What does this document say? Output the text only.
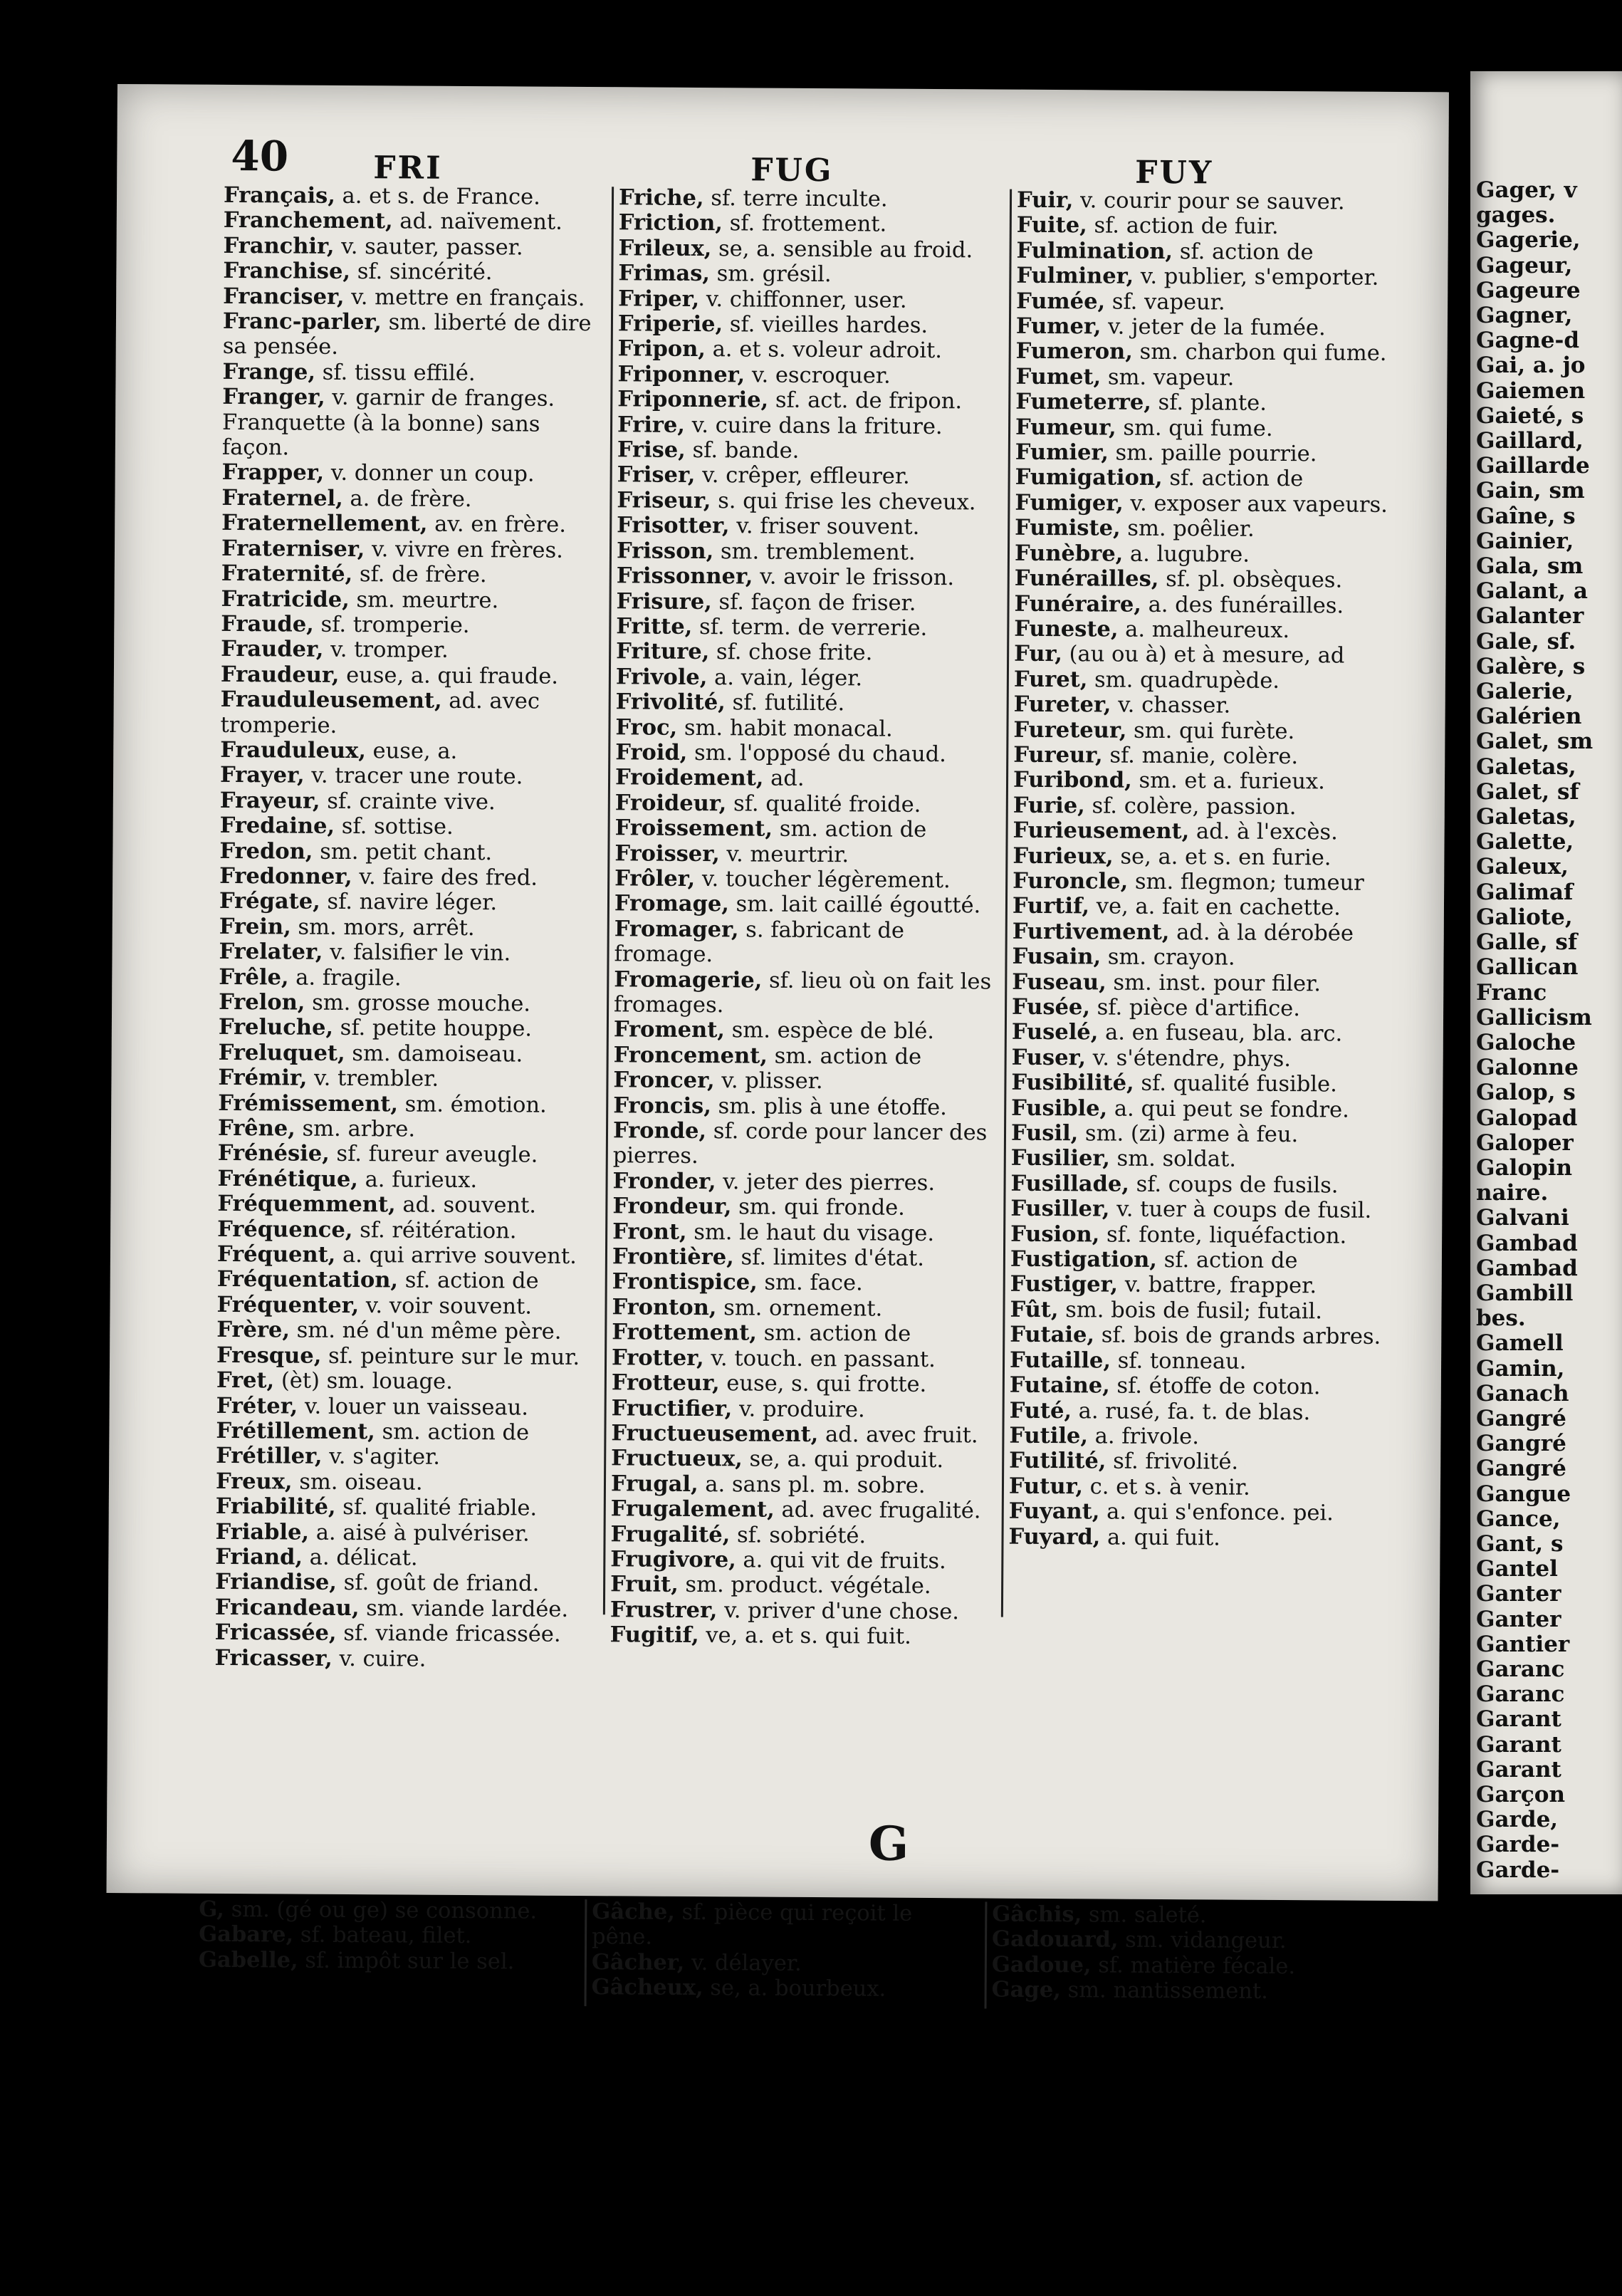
40	FRI	FUG	FUY
Français, a. et s. de France.
Franchement, ad. naïvement.
Franchir, v. sauter, passer.
Franchise, sf. sincérité.
Franciser, v. mettre en français.
Franc-parler, sm. liberté de dire sa pensée.
Frange, sf. tissu effilé.
Franger, v. garnir de franges.
Franquette (à la bonne) sans façon.
Frapper, v. donner un coup.
Fraternel, a. de frère.
Fraternellement, av. en frère.
Fraterniser, v. vivre en frères.
Fraternité, sf. de frère.
Fratricide, sm. meurtre.
Fraude, sf. tromperie.
Frauder, v. tromper.
Fraudeur, euse, a. qui fraude.
Frauduleusement, ad. avec tromperie.
Frauduleux, euse, a.
Frayer, v. tracer une route.
Frayeur, sf. crainte vive.
Fredaine, sf. sottise.
Fredon, sm. petit chant.
Fredonner, v. faire des fred.
Frégate, sf. navire léger.
Frein, sm. mors, arrêt.
Frelater, v. falsifier le vin.
Frêle, a. fragile.
Frelon, sm. grosse mouche.
Freluche, sf. petite houppe.
Freluquet, sm. damoiseau.
Frémir, v. trembler.
Frémissement, sm. émotion.
Frêne, sm. arbre.
Frénésie, sf. fureur aveugle.
Frénétique, a. furieux.
Fréquemment, ad. souvent.
Fréquence, sf. réitération.
Fréquent, a. qui arrive souvent.
Fréquentation, sf. action de
Fréquenter, v. voir souvent.
Frère, sm. né d'un même père.
Fresque, sf. peinture sur le mur.
Fret, (èt) sm. louage.
Fréter, v. louer un vaisseau.
Frétillement, sm. action de
Frétiller, v. s'agiter.
Freux, sm. oiseau.
Friabilité, sf. qualité friable.
Friable, a. aisé à pulvériser.
Friand, a. délicat.
Friandise, sf. goût de friand.
Fricandeau, sm. viande lardée.
Fricassée, sf. viande fricassée.
Fricasser, v. cuire.
Friche, sf. terre inculte.
Friction, sf. frottement.
Frileux, se, a. sensible au froid.
Frimas, sm. grésil.
Friper, v. chiffonner, user.
Friperie, sf. vieilles hardes.
Fripon, a. et s. voleur adroit.
Friponner, v. escroquer.
Friponnerie, sf. act. de fripon.
Frire, v. cuire dans la friture.
Frise, sf. bande.
Friser, v. crêper, effleurer.
Friseur, s. qui frise les cheveux.
Frisotter, v. friser souvent.
Frisson, sm. tremblement.
Frissonner, v. avoir le frisson.
Frisure, sf. façon de friser.
Fritte, sf. term. de verrerie.
Friture, sf. chose frite.
Frivole, a. vain, léger.
Frivolité, sf. futilité.
Froc, sm. habit monacal.
Froid, sm. l'opposé du chaud.
Froidement, ad.
Froideur, sf. qualité froide.
Froissement, sm. action de
Froisser, v. meurtrir.
Frôler, v. toucher légèrement.
Fromage, sm. lait caillé égoutté.
Fromager, s. fabricant de fromage.
Fromagerie, sf. lieu où on fait les fromages.
Froment, sm. espèce de blé.
Froncement, sm. action de
Froncer, v. plisser.
Froncis, sm. plis à une étoffe.
Fronde, sf. corde pour lancer des pierres.
Fronder, v. jeter des pierres.
Frondeur, sm. qui fronde.
Front, sm. le haut du visage.
Frontière, sf. limites d'état.
Frontispice, sm. face.
Fronton, sm. ornement.
Frottement, sm. action de
Frotter, v. touch. en passant.
Frotteur, euse, s. qui frotte.
Fructifier, v. produire.
Fructueusement, ad. avec fruit.
Fructueux, se, a. qui produit.
Frugal, a. sans pl. m. sobre.
Frugalement, ad. avec frugalité.
Frugalité, sf. sobriété.
Frugivore, a. qui vit de fruits.
Fruit, sm. product. végétale.
Frustrer, v. priver d'une chose.
Fugitif, ve, a. et s. qui fuit.
Fuir, v. courir pour se sauver.
Fuite, sf. action de fuir.
Fulmination, sf. action de
Fulminer, v. publier, s'emporter.
Fumée, sf. vapeur.
Fumer, v. jeter de la fumée.
Fumeron, sm. charbon qui fume.
Fumet, sm. vapeur.
Fumeterre, sf. plante.
Fumeur, sm. qui fume.
Fumier, sm. paille pourrie.
Fumigation, sf. action de
Fumiger, v. exposer aux vapeurs.
Fumiste, sm. poêlier.
Funèbre, a. lugubre.
Funérailles, sf. pl. obsèques.
Funéraire, a. des funérailles.
Funeste, a. malheureux.
Fur, (au ou à) et à mesure, ad
Furet, sm. quadrupède.
Fureter, v. chasser.
Fureteur, sm. qui furète.
Fureur, sf. manie, colère.
Furibond, sm. et a. furieux.
Furie, sf. colère, passion.
Furieusement, ad. à l'excès.
Furieux, se, a. et s. en furie.
Furoncle, sm. flegmon; tumeur
Furtif, ve, a. fait en cachette.
Furtivement, ad. à la dérobée
Fusain, sm. crayon.
Fuseau, sm. inst. pour filer.
Fusée, sf. pièce d'artifice.
Fuselé, a. en fuseau, bla. arc.
Fuser, v. s'étendre, phys.
Fusibilité, sf. qualité fusible.
Fusible, a. qui peut se fondre.
Fusil, sm. (zi) arme à feu.
Fusilier, sm. soldat.
Fusillade, sf. coups de fusils.
Fusiller, v. tuer à coups de fusil.
Fusion, sf. fonte, liquéfaction.
Fustigation, sf. action de
Fustiger, v. battre, frapper.
Fût, sm. bois de fusil; futail.
Futaie, sf. bois de grands arbres.
Futaille, sf. tonneau.
Futaine, sf. étoffe de coton.
Futé, a. rusé, fa. t. de blas.
Futile, a. frivole.
Futilité, sf. frivolité.
Futur, c. et s. à venir.
Fuyant, a. qui s'enfonce. pei.
Fuyard, a. qui fuit.
G
G, sm. (gé ou ge) se consonne.
Gabare, sf. bateau, filet.
Gabelle, sf. impôt sur le sel.
Gâche, sf. pièce qui reçoit le pêne.
Gâcher, v. délayer.
Gâcheux, se, a. bourbeux.
Gâchis, sm. saleté.
Gadouard, sm. vidangeur.
Gadoue, sf. matière fécale.
Gage, sm. nantissement.
Gager, v
gages.
Gagerie,
Gageur,
Gageure
Gagner,
Gagne-d
Gai, a. jo
Gaiemen
Gaieté, s
Gaillard,
Gaillarde
Gain, sm
Gaîne, s
Gainier,
Gala, sm
Galant, a
Galanter
Gale, sf.
Galère, s
Galerie,
Galérien
Galet, sm
Galetas,
Galet, sf
Galetas,
Galette,
Galeux,
Galimaf
Galiote,
Galle, sf
Gallican
Franc
Gallicism
Galoche
Galonne
Galop, s
Galopad
Galoper
Galopin
naire.
Galvani
Gambad
Gambad
Gambill
bes.
Gamell
Gamin,
Ganach
Gangré
Gangré
Gangré
Gangue
Gance,
Gant, s
Gantel
Ganter
Ganter
Gantier
Garanc
Garanc
Garant
Garant
Garant
Garçon
Garde,
Garde-
Garde-
